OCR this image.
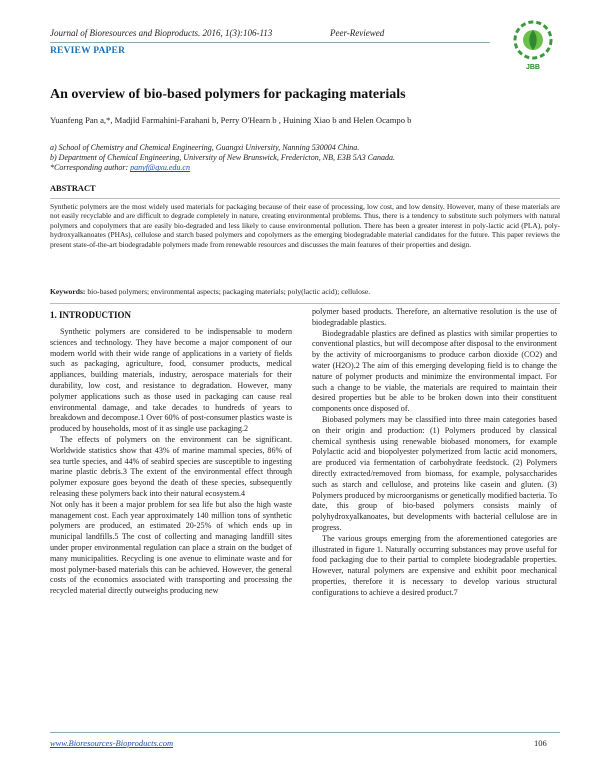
Journal of Bioresources and Bioproducts. 2016, 1(3):106-113	Peer-Reviewed
REVIEW PAPER
JBB
An overview of bio-based polymers for packaging materials
Yuanfeng Pan a,*, Madjid Farmahini-Farahani b, Perry O'Hearn b , Huining Xiao b and Helen Ocampo b
a) School of Chemistry and Chemical Engineering, Guangxi University, Nanning 530004 China.
b) Department of Chemical Engineering, University of New Brunswick, Fredericton, NB, E3B 5A3 Canada.
*Corresponding author: panyf@gxu.edu.cn
ABSTRACT
Synthetic polymers are the most widely used materials for packaging because of their ease of processing, low cost, and low density. However, many of these materials are not easily recyclable and are difficult to degrade completely in nature, creating environmental problems. Thus, there is a tendency to substitute such polymers with natural polymers and copolymers that are easily bio-degraded and less likely to cause environmental pollution. There has been a greater interest in poly-lactic acid (PLA), poly-hydroxyalkanoates (PHAs), cellulose and starch based polymers and copolymers as the emerging biodegradable material candidates for the future. This paper reviews the present state-of-the-art biodegradable polymers made from renewable resources and discusses the main features of their properties and design.
Keywords: bio-based polymers; environmental aspects; packaging materials; poly(lactic acid); cellulose.
1. INTRODUCTION

Synthetic polymers are considered to be indispensable to modern sciences and technology. They have become a major component of our modern world with their wide range of applications in a variety of fields such as packaging, agriculture, food, consumer products, medical appliances, building materials, industry, aerospace materials for their durability, low cost, and resistance to degradation. However, many polymer applications such as those used in packaging can cause real environmental damage, and take decades to hundreds of years to breakdown and decompose.1 Over 60% of post-consumer plastics waste is produced by households, most of it as single use packaging.2

The effects of polymers on the environment can be significant. Worldwide statistics show that 43% of marine mammal species, 86% of sea turtle species, and 44% of seabird species are susceptible to ingesting marine plastic debris.3 The extent of the environmental effect through polymer exposure goes beyond the death of these species, subsequently releasing these polymers back into their natural ecosystem.4

Not only has it been a major problem for sea life but also the high waste management cost. Each year approximately 140 million tons of synthetic polymers are produced, an estimated 20-25% of which ends up in municipal landfills.5 The cost of collecting and managing landfill sites under proper environmental regulation can place a strain on the budget of many municipalities. Recycling is one avenue to eliminate waste and for most polymer-based materials this can be achieved. However, the general costs of the economics associated with transporting and processing the recycled material directly outweighs producing new

polymer based products. Therefore, an alternative resolution is the use of biodegradable plastics.

Biodegradable plastics are defined as plastics with similar properties to conventional plastics, but will decompose after disposal to the environment by the activity of microorganisms to produce carbon dioxide (CO2) and water (H2O).2 The aim of this emerging developing field is to change the nature of polymer products and minimize the environmental impact. For such a change to be viable, the materials are required to maintain their desired properties but be able to be broken down into their constituent components once disposed of.

Biobased polymers may be classified into three main categories based on their origin and production: (1) Polymers produced by classical chemical synthesis using renewable biobased monomers, for example Polylactic acid and biopolyester polymerized from lactic acid monomers, are produced via fermentation of carbohydrate feedstock. (2) Polymers directly extracted/removed from biomass, for example, polysaccharides such as starch and cellulose, and proteins like casein and gluten. (3) Polymers produced by microorganisms or genetically modified bacteria. To date, this group of bio-based polymers consists mainly of polyhydroxyalkanoates, but developments with bacterial cellulose are in progress.

The various groups emerging from the aforementioned categories are illustrated in figure 1. Naturally occurring substances may prove useful for food packaging due to their partial to complete biodegradable properties. However, natural polymers are expensive and exhibit poor mechanical properties, therefore it is necessary to develop various structural configurations to achieve a desired product.7

www.Bioresources-Bioproducts.com	106
